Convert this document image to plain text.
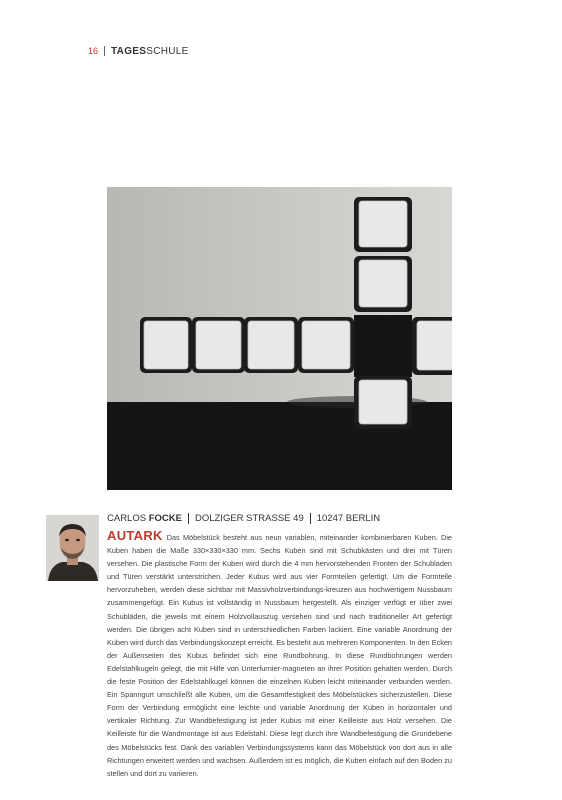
16	TAGES SCHULE
CARLOS
FOCKE DOLZIGER STRASSE 49 10247 BERLIN
AUTARK Das Möbelstück besteht aus neun variablen, miteinander kombinierbaren Kuben. Die Kuben haben die Maße 330×330×330 mm. Sechs Kuben sind mit Schubkästen und drei mit Türen versehen. Die plastische Form der Kuben wird durch die 4 mm hervorstehenden Fronten der Schubladen und Türen verstärkt unterstrichen. Jeder Kubus wird aus vier Formteilen gefertigt. Um die Formteile hervorzuheben, werden diese sichtbar mit Massivholzverbindungs-kreuzen aus hochwertigem Nussbaum zusammengefügt. Ein Kubus ist vollständig in Nussbaum hergestellt. Als einziger verfügt er über zwei Schubläden, die jeweils mit einem Holzvollauszug versehen sind und nach traditioneller Art gefertigt werden. Die übrigen acht Kuben sind in unterschiedlichen Farben lackiert. Eine variable Anordnung der Kuben wird durch das Verbindungskonzept erreicht. Es besteht aus mehreren Komponenten. In den Ecken der Außenseiten des Kubus befindet sich eine Rundbohrung. In diese Rundbohrungen werden Edelstahlkugeln gelegt, die mit Hilfe von Unterfurnier-magneten an ihrer Position gehalten werden. Durch die feste Position der Edelstahlkugel können die einzelnen Kuben leicht miteinander verbunden werden. Ein Spanngurt umschließt alle Kuben, um die Gesamtfestigkeit des Möbelstückes sicherzustellen. Diese Form der Verbindung ermöglicht eine leichte und variable Anordnung der Kuben in horizontaler und vertikaler Richtung. Zur Wandbefestigung ist jeder Kubus mit einer Keilleiste aus Holz versehen. Die Keilleiste für die Wandmontage ist aus Edelstahl. Diese legt durch ihre Wandbefestigung die Grundebene des Möbelstücks fest. Dank des variablen Verbindungssystems kann das Möbelstück von dort aus in alle Richtungen erweitert werden und wachsen. Außerdem ist es möglich, die Kuben einfach auf den Boden zu stellen und dort zu variieren.
